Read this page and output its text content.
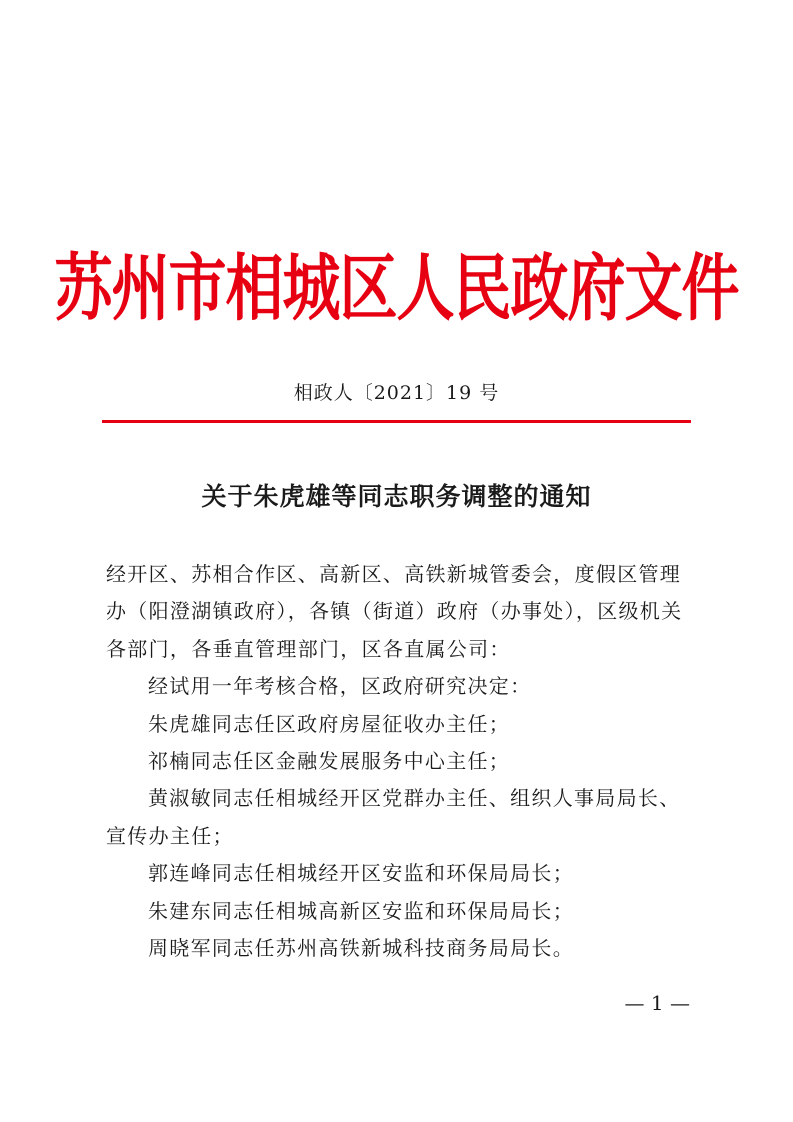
苏州市相城区人民政府文件
相政人〔2021〕19 号
关于朱虎雄等同志职务调整的通知

经开区、苏相合作区、高新区、高铁新城管委会，度假区管理办（阳澄湖镇政府），各镇（街道）政府（办事处），区级机关各部门，各垂直管理部门，区各直属公司：

经试用一年考核合格，区政府研究决定：

朱虎雄同志任区政府房屋征收办主任；

祁楠同志任区金融发展服务中心主任；

黄淑敏同志任相城经开区党群办主任、组织人事局局长、宣传办主任；

郭连峰同志任相城经开区安监和环保局局长；

朱建东同志任相城高新区安监和环保局局长；

周晓军同志任苏州高铁新城科技商务局局长。

— 1 —
